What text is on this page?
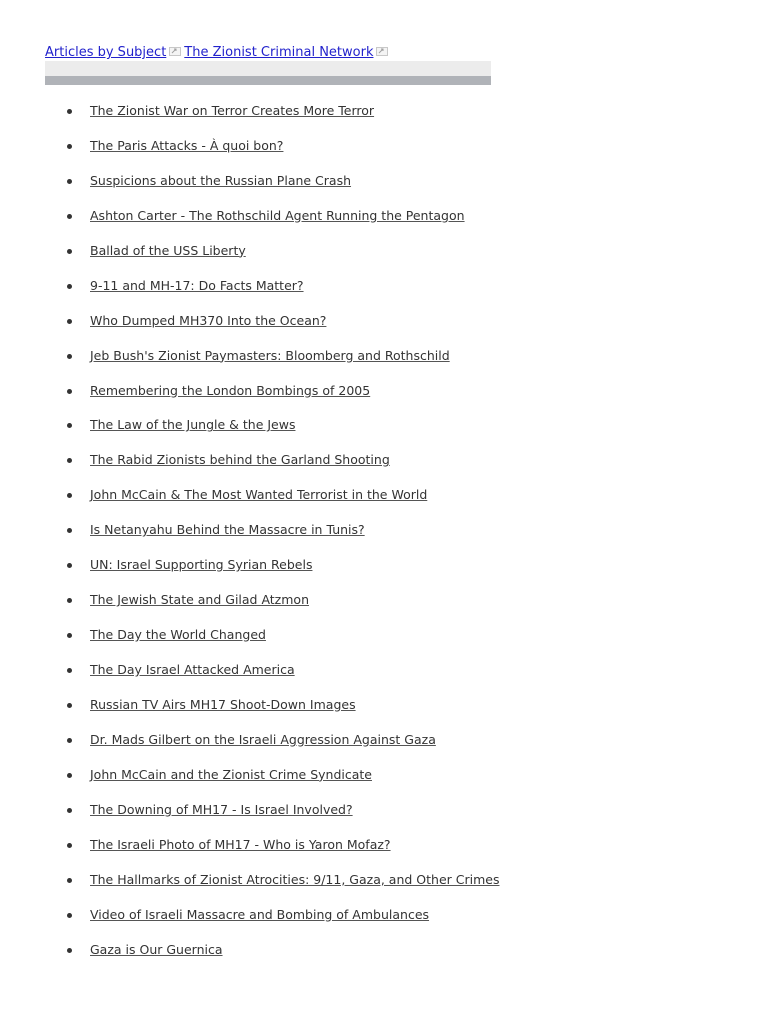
Articles by Subject The Zionist Criminal Network
The Zionist War on Terror Creates More Terror
The Paris Attacks - À quoi bon?
Suspicions about the Russian Plane Crash
Ashton Carter - The Rothschild Agent Running the Pentagon
Ballad of the USS Liberty
9-11 and MH-17: Do Facts Matter?
Who Dumped MH370 Into the Ocean?
Jeb Bush's Zionist Paymasters: Bloomberg and Rothschild
Remembering the London Bombings of 2005
The Law of the Jungle & the Jews
The Rabid Zionists behind the Garland Shooting
John McCain & The Most Wanted Terrorist in the World
Is Netanyahu Behind the Massacre in Tunis?
UN: Israel Supporting Syrian Rebels
The Jewish State and Gilad Atzmon
The Day the World Changed
The Day Israel Attacked America
Russian TV Airs MH17 Shoot-Down Images
Dr. Mads Gilbert on the Israeli Aggression Against Gaza
John McCain and the Zionist Crime Syndicate
The Downing of MH17 - Is Israel Involved?
The Israeli Photo of MH17 - Who is Yaron Mofaz?
The Hallmarks of Zionist Atrocities: 9/11, Gaza, and Other Crimes
Video of Israeli Massacre and Bombing of Ambulances
Gaza is Our Guernica
